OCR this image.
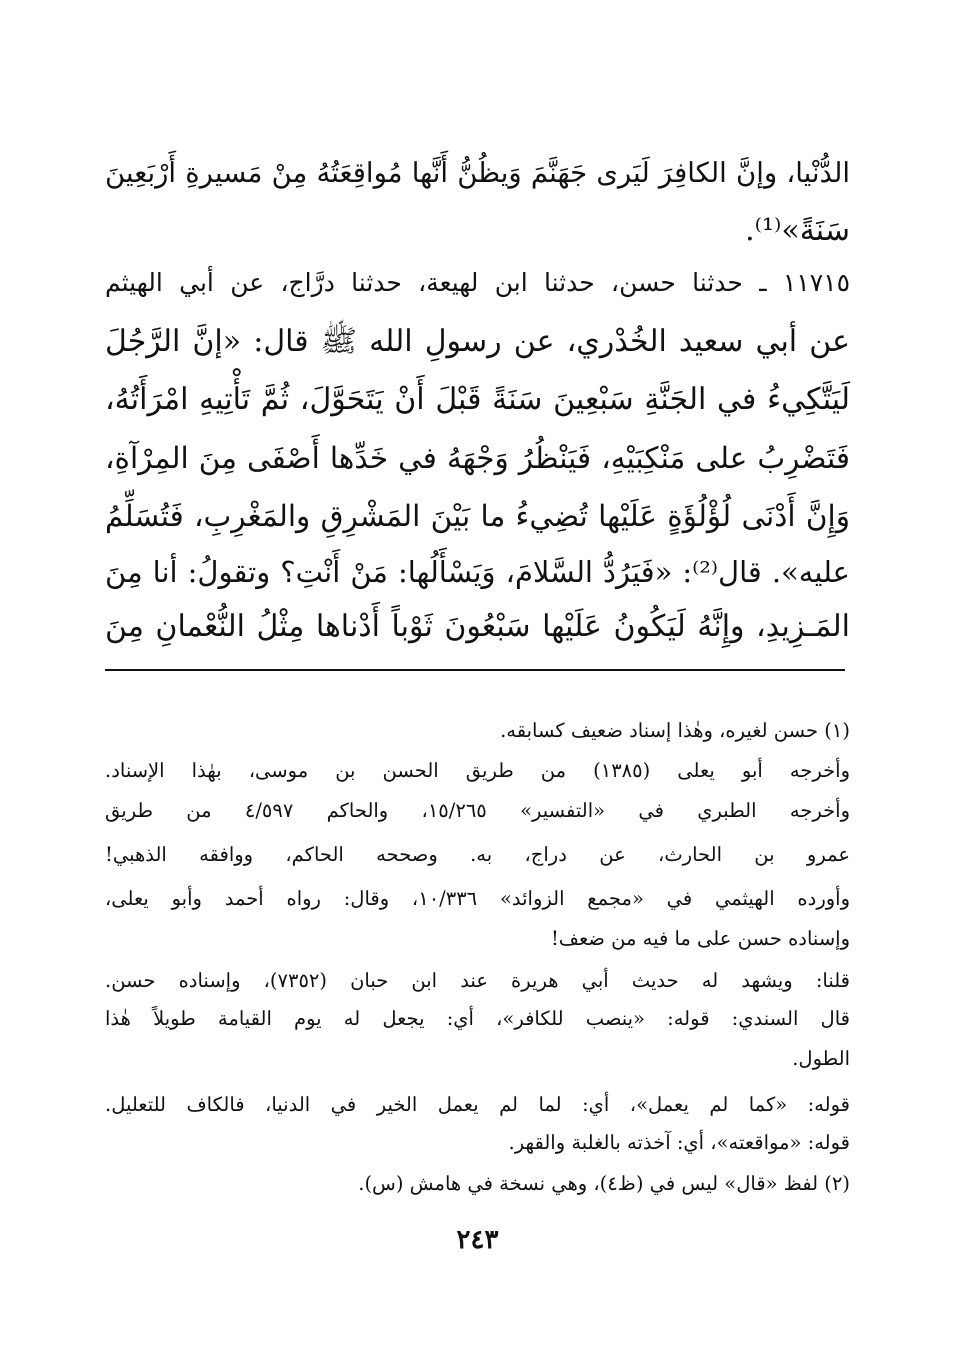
الدُّنْيا، وإنَّ الكافِرَ لَيَرى جَهَنَّمَ وَيظُنُّ أَنَّها مُواقِعَتُهُ مِنْ مَسيرةِ أَرْبَعِينَ
سَنَةً»⁽¹⁾.
١١٧١٥ ـ حدثنا حسن، حدثنا ابن لهيعة، حدثنا درَّاج، عن أبي الهيثم
عن أبي سعيد الخُدْري، عن رسولِ الله ﷺ قال: «إنَّ الرَّجُلَ
لَيَتَّكِيءُ في الجَنَّةِ سَبْعِينَ سَنَةً قَبْلَ أَنْ يَتَحَوَّلَ، ثُمَّ تَأْتِيهِ امْرَأَتُهُ،
فَتَضْرِبُ على مَنْكِبَيْهِ، فَيَنْظُرُ وَجْهَهُ في خَدِّها أَصْفَى مِنَ المِرْآةِ،
وَإِنَّ أَدْنَى لُؤْلُؤَةٍ عَلَيْها تُضِيءُ ما بَيْنَ المَشْرِقِ والمَغْرِبِ، فَتُسَلِّمُ
عليه». قال⁽²⁾: «فَيَرُدُّ السَّلامَ، وَيَسْأَلُها: مَنْ أَنْتِ؟ وتقولُ: أنا مِنَ
المَـزِيدِ، وإِنَّهُ لَيَكُونُ عَلَيْها سَبْعُونَ ثَوْباً أَدْناها مِثْلُ النُّعْمانِ مِنَ
(١) حسن لغيره، وهٰذا إسناد ضعيف كسابقه.
وأخرجه أبو يعلى (١٣٨٥) من طريق الحسن بن موسى، بهٰذا الإسناد.
وأخرجه الطبري في «التفسير» ١٥/٢٦٥، والحاكم ٤/٥٩٧ من طريق
عمرو بن الحارث، عن دراج، به. وصححه الحاكم، ووافقه الذهبي!
وأورده الهيثمي في «مجمع الزوائد» ١٠/٣٣٦، وقال: رواه أحمد وأبو يعلى،
وإسناده حسن على ما فيه من ضعف!
قلنا: ويشهد له حديث أبي هريرة عند ابن حبان (٧٣٥٢)، وإسناده حسن.
قال السندي: قوله: «ينصب للكافر»، أي: يجعل له يوم القيامة طويلاً هٰذا
الطول.
قوله: «كما لم يعمل»، أي: لما لم يعمل الخير في الدنيا، فالكاف للتعليل.
قوله: «مواقعته»، أي: آخذته بالغلبة والقهر.
(٢) لفظ «قال» ليس في (ظ٤)، وهي نسخة في هامش (س).
٢٤٣
